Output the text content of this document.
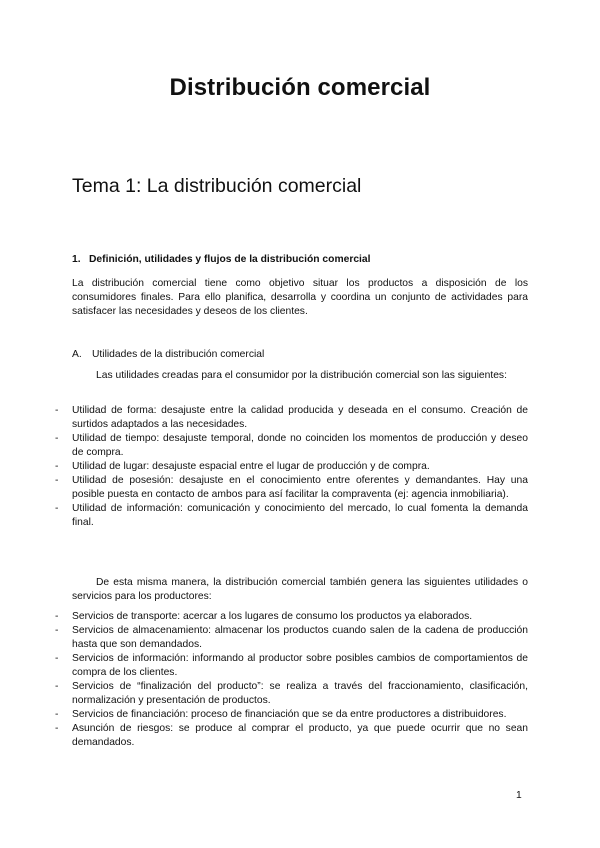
Distribución comercial
Tema 1: La distribución comercial
1. Definición, utilidades y flujos de la distribución comercial

La distribución comercial tiene como objetivo situar los productos a disposición de los consumidores finales. Para ello planifica, desarrolla y coordina un conjunto de actividades para satisfacer las necesidades y deseos de los clientes.

A. Utilidades de la distribución comercial

Las utilidades creadas para el consumidor por la distribución comercial son las siguientes:

- Utilidad de forma: desajuste entre la calidad producida y deseada en el consumo. Creación de surtidos adaptados a las necesidades.
- Utilidad de tiempo: desajuste temporal, donde no coinciden los momentos de producción y deseo de compra.
- Utilidad de lugar: desajuste espacial entre el lugar de producción y de compra.
- Utilidad de posesión: desajuste en el conocimiento entre oferentes y demandantes. Hay una posible puesta en contacto de ambos para así facilitar la compraventa (ej: agencia inmobiliaria).
- Utilidad de información: comunicación y conocimiento del mercado, lo cual fomenta la demanda final.

De esta misma manera, la distribución comercial también genera las siguientes utilidades o servicios para los productores:

- Servicios de transporte: acercar a los lugares de consumo los productos ya elaborados.
- Servicios de almacenamiento: almacenar los productos cuando salen de la cadena de producción hasta que son demandados.
- Servicios de información: informando al productor sobre posibles cambios de comportamientos de compra de los clientes.
- Servicios de “finalización del producto”: se realiza a través del fraccionamiento, clasificación, normalización y presentación de productos.
- Servicios de financiación: proceso de financiación que se da entre productores a distribuidores.
- Asunción de riesgos: se produce al comprar el producto, ya que puede ocurrir que no sean demandados.
1
